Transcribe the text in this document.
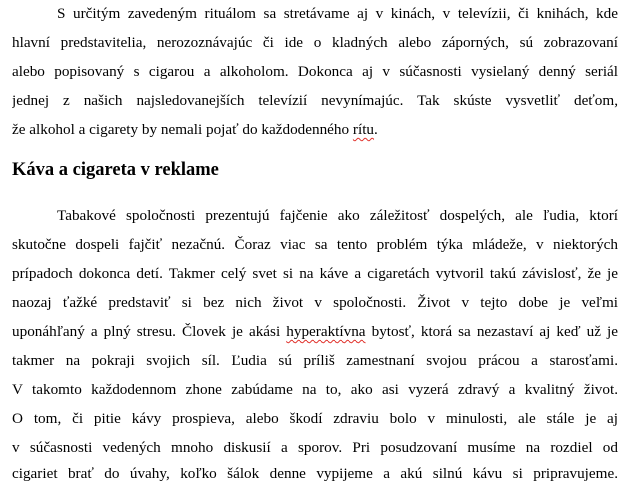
S určitým zavedeným rituálom sa stretávame aj v kinách, v televízii, či knihách, kde
hlavní predstavitelia, nerozoznávajúc či ide o kladných alebo záporných, sú zobrazovaní
alebo popisovaný s cigarou a alkoholom. Dokonca aj v súčasnosti vysielaný denný seriál
jednej z našich najsledovanejších televízií nevynímajúc. Tak skúste vysvetliť deťom,
že alkohol a cigarety by nemali pojať do každodenného rítu.
Káva a cigareta v reklame
Tabakové spoločnosti prezentujú fajčenie ako záležitosť dospelých, ale ľudia, ktorí
skutočne dospeli fajčiť nezačnú. Čoraz viac sa tento problém týka mládeže, v niektorých
prípadoch dokonca detí. Takmer celý svet si na káve a cigaretách vytvoril takú závislosť, že je
naozaj ťažké predstaviť si bez nich život v spoločnosti. Život v tejto dobe je veľmi
uponáhľaný a plný stresu. Človek je akási hyperaktívna bytosť, ktorá sa nezastaví aj keď už je
takmer na pokraji svojich síl. Ľudia sú príliš zamestnaní svojou prácou a starosťami.
V takomto každodennom zhone zabúdame na to, ako asi vyzerá zdravý a kvalitný život.
O tom, či pitie kávy prospieva, alebo škodí zdraviu bolo v minulosti, ale stále je aj
v súčasnosti vedených mnoho diskusií a sporov. Pri posudzovaní musíme na rozdiel od
cigariet brať do úvahy, koľko šálok denne vypijeme a akú silnú kávu si pripravujeme.
